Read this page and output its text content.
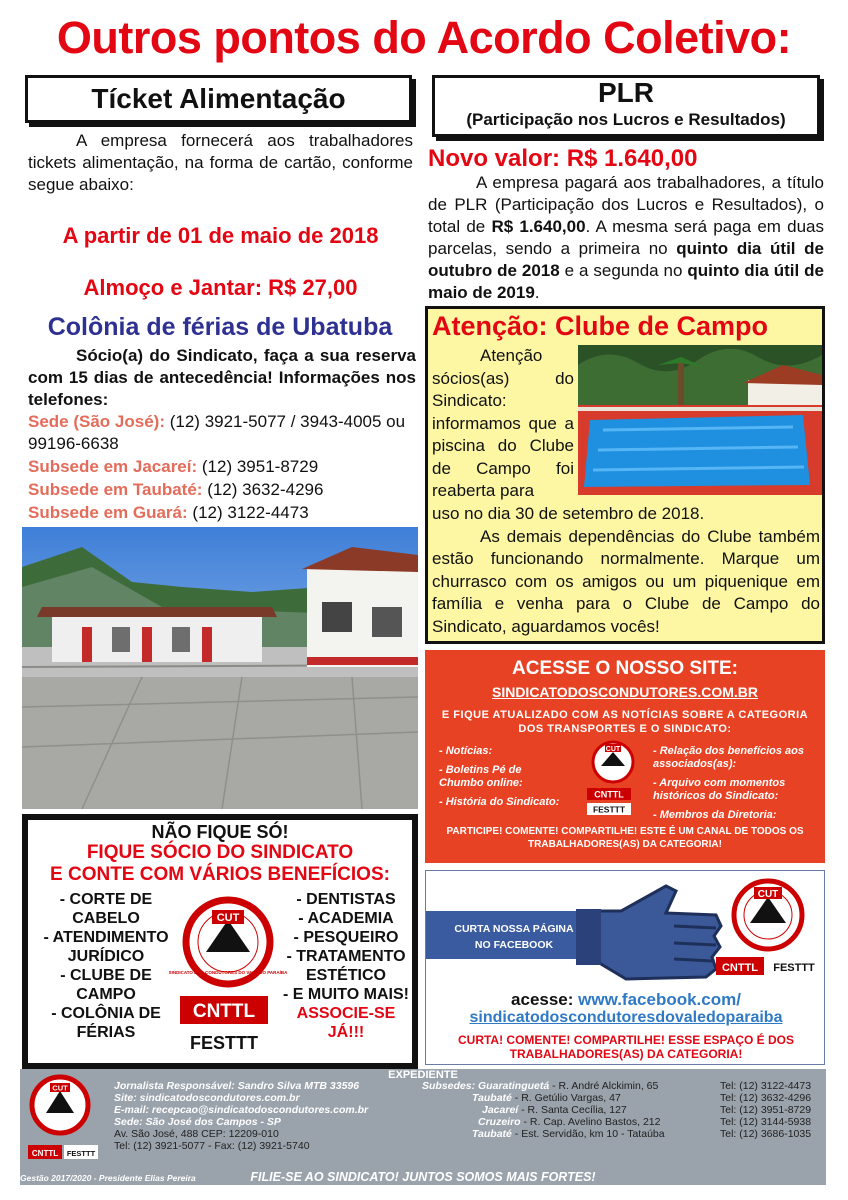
Outros pontos do Acordo Coletivo:
Tícket Alimentação
A empresa fornecerá aos trabalhadores tickets alimentação, na forma de cartão, conforme segue abaixo:
A partir de 01 de maio de 2018
Almoço e Jantar: R$ 27,00
Colônia de férias de Ubatuba
Sócio(a) do Sindicato, faça a sua reserva com 15 dias de antecedência! Informações nos telefones:
Sede (São José): (12) 3921-5077 / 3943-4005 ou 99196-6638
Subsede em Jacareí: (12) 3951-8729
Subsede em Taubaté: (12) 3632-4296
Subsede em Guará: (12) 3122-4473
PLR
(Participação nos Lucros e Resultados)
Novo valor: R$ 1.640,00
A empresa pagará aos trabalhadores, a título de PLR (Participação dos Lucros e Resultados), o total de R$ 1.640,00. A mesma será paga em duas parcelas, sendo a primeira no quinto dia útil de outubro de 2018 e a segunda no quinto dia útil de maio de 2019.
Atenção: Clube de Campo
Atenção sócios(as) do Sindicato: informamos que a piscina do Clube de Campo foi reaberta para
uso no dia 30 de setembro de 2018.
As demais dependências do Clube também estão funcionando normalmente. Marque um churrasco com os amigos ou um piquenique em família e venha para o Clube de Campo do Sindicato, aguardamos vocês!
ACESSE O NOSSO SITE:
SINDICATODOSCONDUTORES.COM.BR
E FIQUE ATUALIZADO COM AS NOTÍCIAS SOBRE A CATEGORIA DOS TRANSPORTES E O SINDICATO:
- Notícias:
- Boletins Pé de Chumbo online:
- História do Sindicato:
CUT
CNTTL
FESTTT
- Relação dos benefícios aos associados(as):
- Arquivo com momentos históricos do Sindicato:
- Membros da Diretoria:
PARTICIPE! COMENTE! COMPARTILHE! ESTE É UM CANAL DE TODOS OS TRABALHADORES(AS) DA CATEGORIA!
CURTA NOSSA PÁGINA
NO FACEBOOK
CUT
CNTTL FESTTT
acesse: www.facebook.com/
sindicatodoscondutoresdovaledoparaiba
CURTA! COMENTE! COMPARTILHE! ESSE ESPAÇO É DOS TRABALHADORES(AS) DA CATEGORIA!
NÃO FIQUE SÓ!
FIQUE SÓCIO DO SINDICATO
E CONTE COM VÁRIOS BENEFÍCIOS:
- CORTE DE CABELO
- ATENDIMENTO JURÍDICO
- CLUBE DE CAMPO
- COLÔNIA DE FÉRIAS
CUT
SINDICATO DOS CONDUTORES DO VALE DO PARAÍBA
CNTTL
FESTTT
- DENTISTAS
- ACADEMIA
- PESQUEIRO
- TRATAMENTO ESTÉTICO
- E MUITO MAIS!
ASSOCIE-SE JÁ!!!
EXPEDIENTE
CUT
CNTTL FESTTT
Jornalista Responsável: Sandro Silva MTB 33596
Site: sindicatodoscondutores.com.br
E-mail: recepcao@sindicatodoscondutores.com.br
Sede: São José dos Campos - SP
Av. São José, 488 CEP: 12209-010
Tel: (12) 3921-5077 - Fax: (12) 3921-5740
Subsedes: Guaratinguetá - R. André Alckimin, 65
Taubaté - R. Getúlio Vargas, 47
Jacareí - R. Santa Cecília, 127
Cruzeiro - R. Cap. Avelino Bastos, 212
Taubaté - Est. Servidão, km 10 - Tataúba
Tel: (12) 3122-4473
Tel: (12) 3632-4296
Tel: (12) 3951-8729
Tel: (12) 3144-5938
Tel: (12) 3686-1035
Gestão 2017/2020 - Presidente Elias Pereira	FILIE-SE AO SINDICATO! JUNTOS SOMOS MAIS FORTES!
